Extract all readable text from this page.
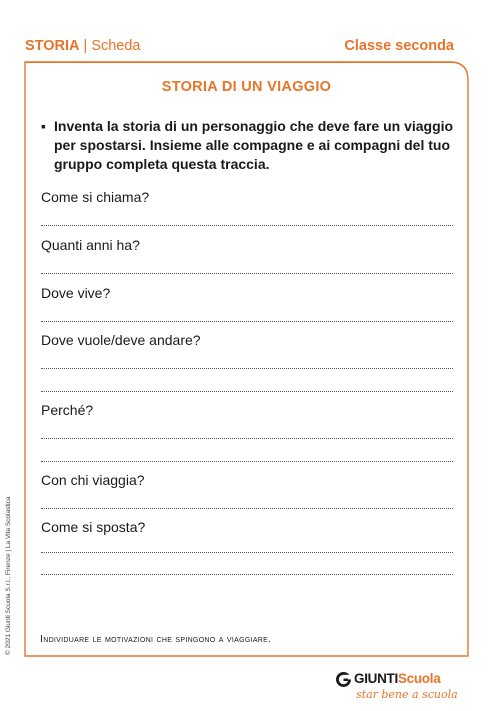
STORIA | Scheda	Classe seconda
STORIA DI UN VIAGGIO
▪ Inventa la storia di un personaggio che deve fare un viaggio per spostarsi. Insieme alle compagne e ai compagni del tuo gruppo completa questa traccia.
Come si chiama?
Quanti anni ha?
Dove vive?
Dove vuole/deve andare?
Perché?
Con chi viaggia?
Come si sposta?
Individuare le motivazioni che spingono a viaggiare.
© 2021 Giunti Scuola S.r.l., Firenze | La Vita Scolastica
GIUNTIScuola
star bene a scuola
